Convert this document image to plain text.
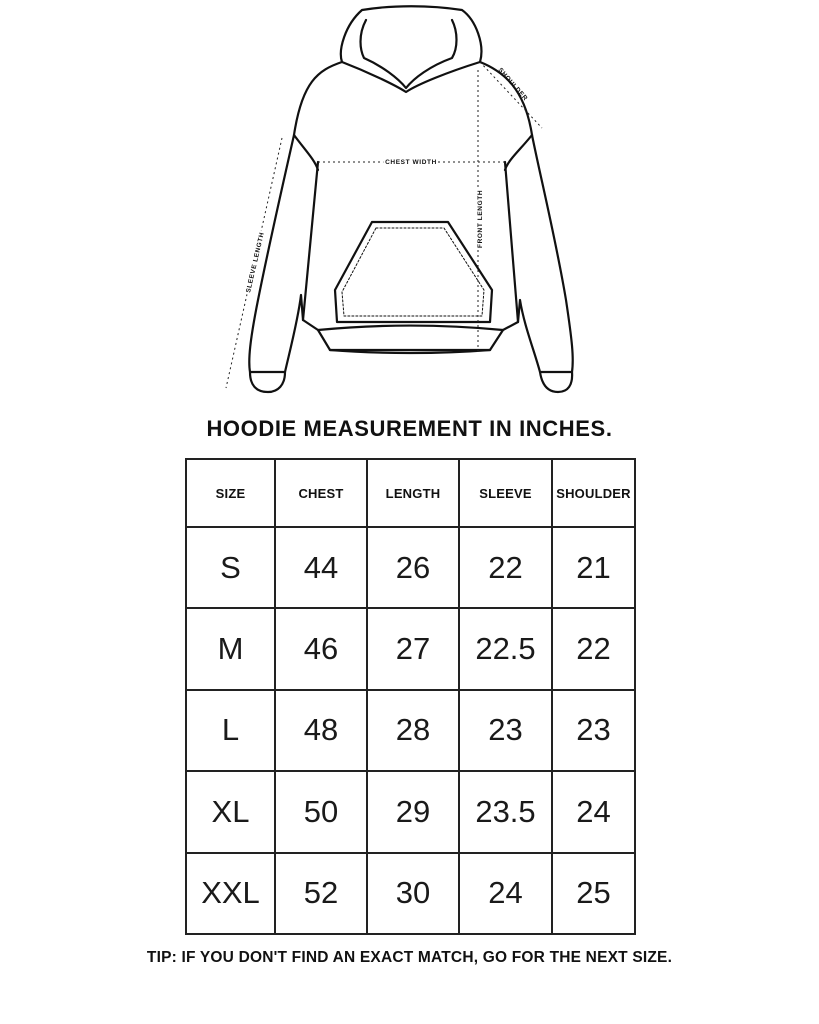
SHOULDER
CHEST WIDTH
FRONT LENGTH
SLEEVE LENGTH
HOODIE MEASUREMENT IN INCHES.
SIZE	CHEST	LENGTH	SLEEVE	SHOULDER
S	44	26	22	21
M	46	27	22.5	22
L	48	28	23	23
XL	50	29	23.5	24
XXL	52	30	24	25
TIP: IF YOU DON'T FIND AN EXACT MATCH, GO FOR THE NEXT SIZE.
